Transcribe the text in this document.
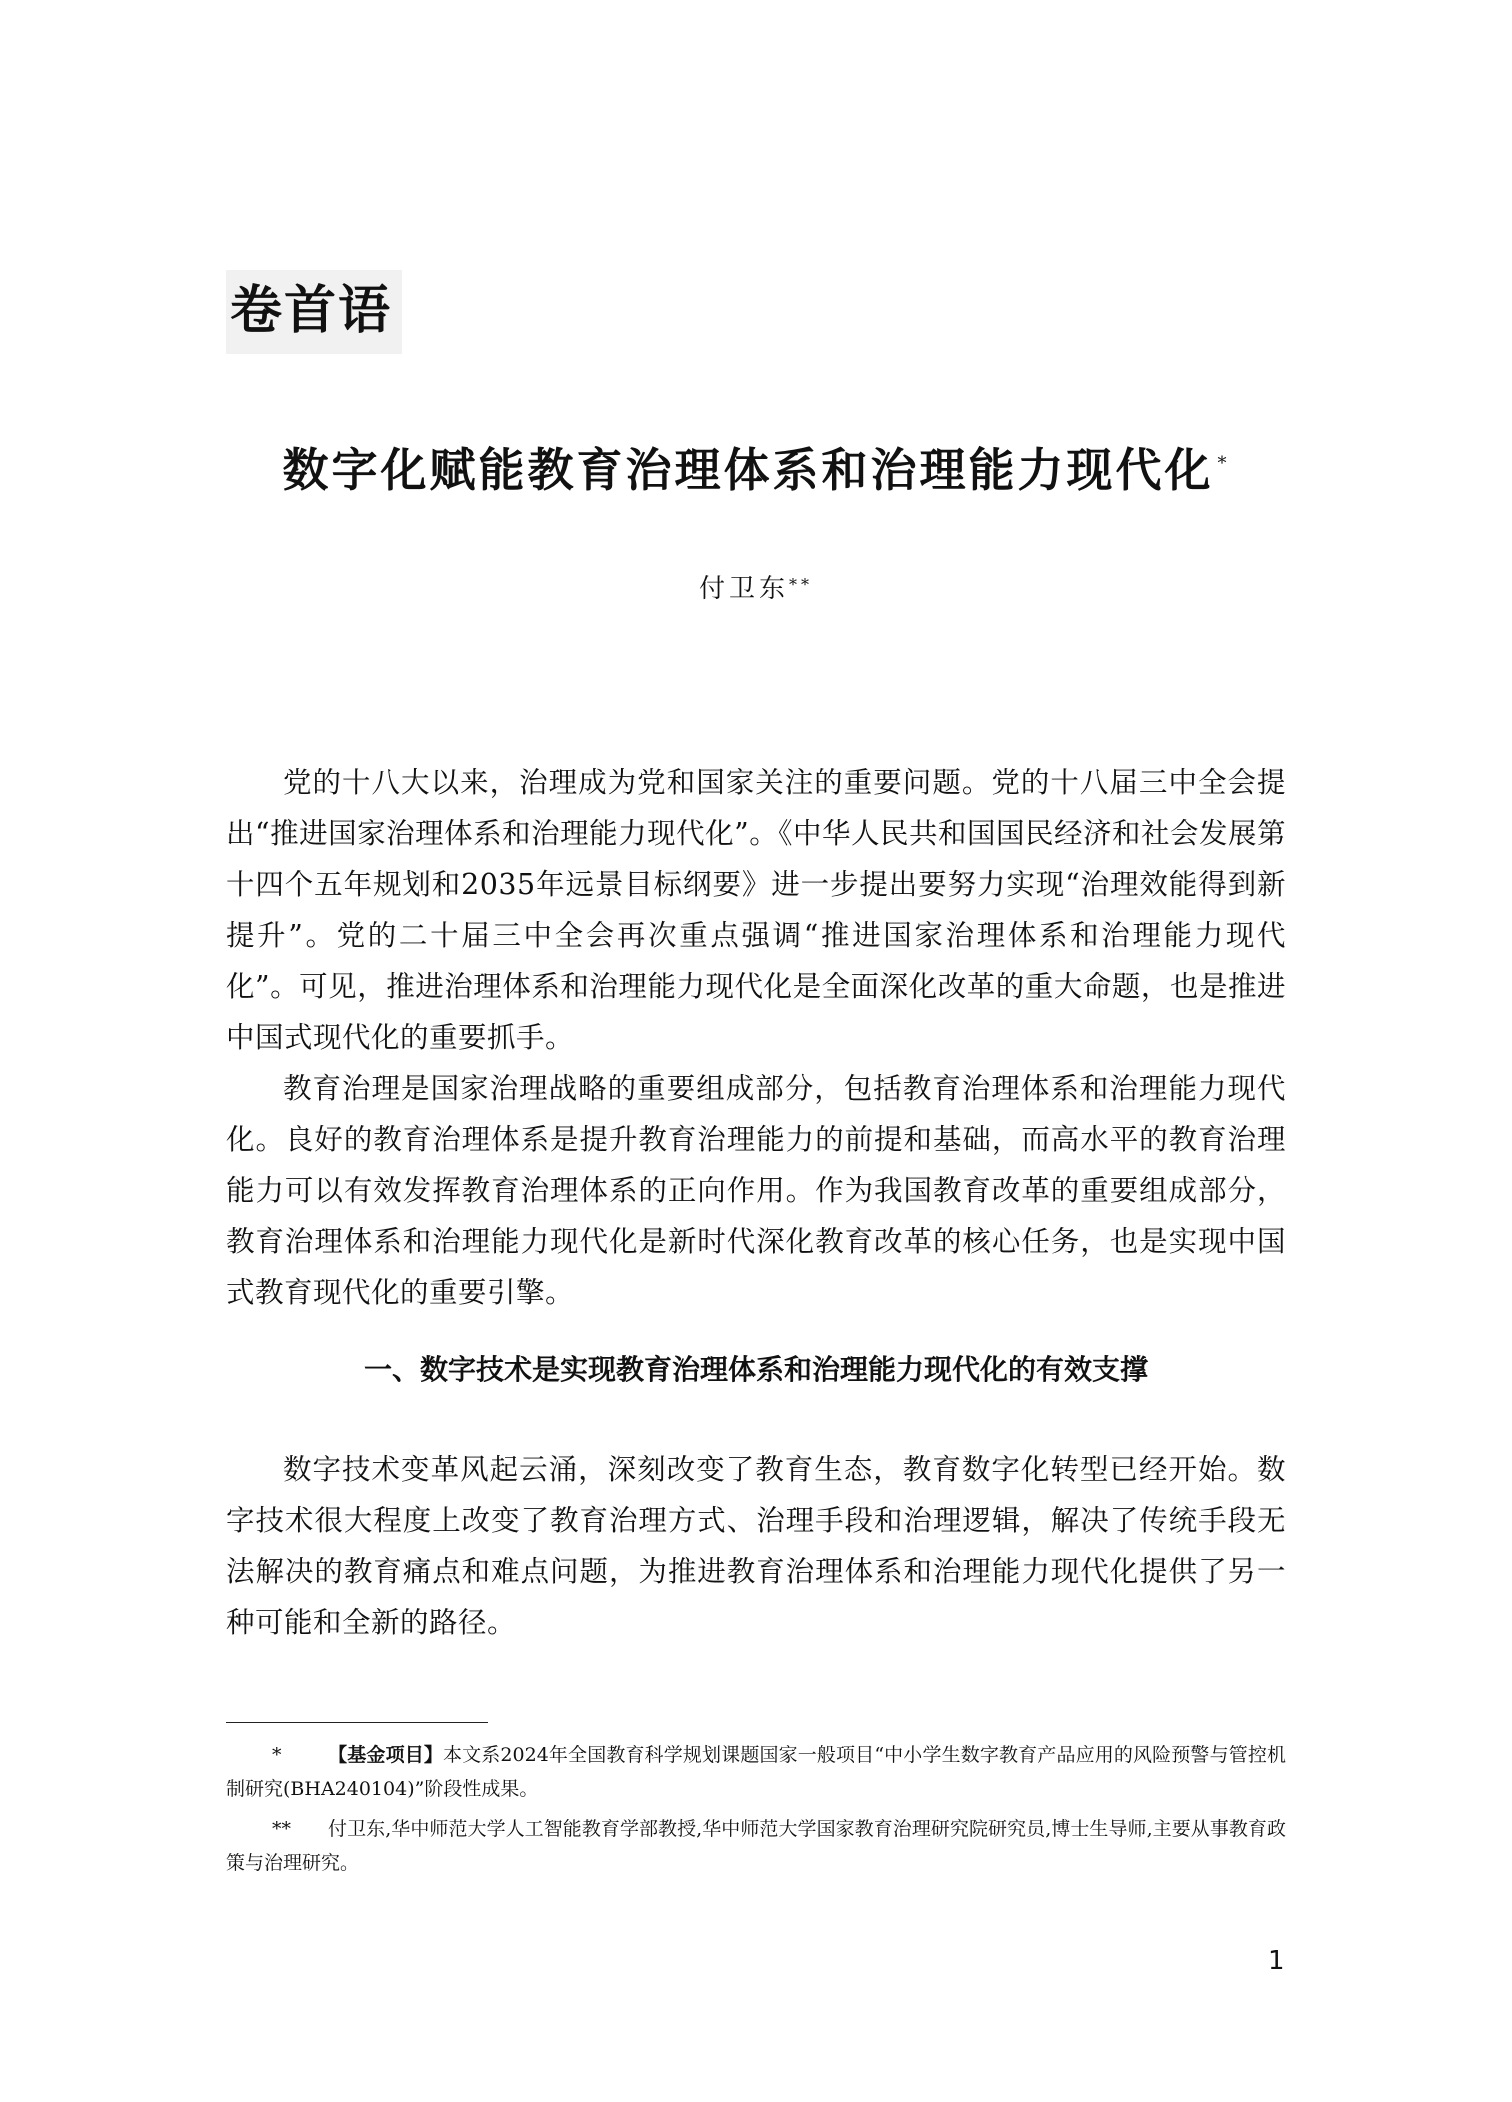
卷首语
数字化赋能教育治理体系和治理能力现代化 *
付卫东**

党的十八大以来，治理成为党和国家关注的重要问题。党的十八届三中全会提出“推进国家治理体系和治理能力现代化”。《中华人民共和国国民经济和社会发展第十四个五年规划和2035年远景目标纲要》进一步提出要努力实现“治理效能得到新提升”。党的二十届三中全会再次重点强调“推进国家治理体系和治理能力现代化”。可见，推进治理体系和治理能力现代化是全面深化改革的重大命题，也是推进中国式现代化的重要抓手。

教育治理是国家治理战略的重要组成部分，包括教育治理体系和治理能力现代化。良好的教育治理体系是提升教育治理能力的前提和基础，而高水平的教育治理能力可以有效发挥教育治理体系的正向作用。作为我国教育改革的重要组成部分，教育治理体系和治理能力现代化是新时代深化教育改革的核心任务，也是实现中国式教育现代化的重要引擎。

一、数字技术是实现教育治理体系和治理能力现代化的有效支撑

数字技术变革风起云涌，深刻改变了教育生态，教育数字化转型已经开始。数字技术很大程度上改变了教育治理方式、治理手段和治理逻辑，解决了传统手段无法解决的教育痛点和难点问题，为推进教育治理体系和治理能力现代化提供了另一种可能和全新的路径。

* 【基金项目】本文系2024年全国教育科学规划课题国家一般项目“中小学生数字教育产品应用的风险预警与管控机制研究(BHA240104)”阶段性成果。

** 付卫东,华中师范大学人工智能教育学部教授,华中师范大学国家教育治理研究院研究员,博士生导师,主要从事教育政策与治理研究。

1
